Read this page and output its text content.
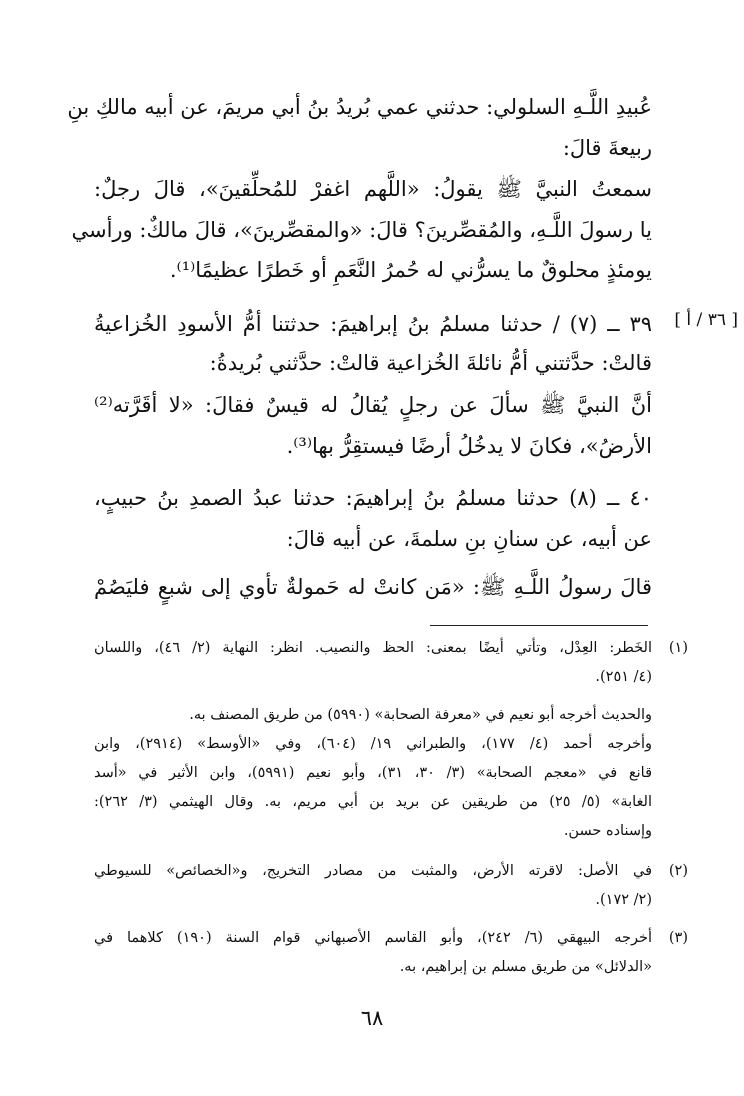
عُبيدِ اللَّـهِ السلولي: حدثني عمي بُريدُ بنُ أبي مريمَ، عن أبيه مالكِ بنِ
ربيعةَ قالَ:
سمعتُ النبيَّ ﷺ يقولُ: «اللَّهم اغفرْ للمُحلِّقينَ»، قالَ رجلٌ:
يا رسولَ اللَّـهِ، والمُقصِّرينَ؟ قالَ: «والمقصِّرينَ»، قالَ مالكٌ: ورأسي
يومئذٍ محلوقٌ ما يسرُّني له حُمرُ النَّعَمِ أو خَطرًا عظيمًا⁽¹⁾.
[ ٣٦ / أ ]
٣٩ ــ (٧) / حدثنا مسلمُ بنُ إبراهيمَ: حدثتنا أمُّ الأسودِ الخُزاعيةُ
قالتْ: حدَّثتني أمُّ نائلةَ الخُزاعية قالتْ: حدَّثني بُريدةُ:
أنَّ النبيَّ ﷺ سألَ عن رجلٍ يُقالُ له قيسٌ فقالَ: «لا أقَرَّته⁽²⁾
الأرضُ»، فكانَ لا يدخُلُ أرضًا فيستقِرُّ بها⁽³⁾.
٤٠ ــ (٨) حدثنا مسلمُ بنُ إبراهيمَ: حدثنا عبدُ الصمدِ بنُ حبيبٍ،
عن أبيه، عن سنانِ بنِ سلمةَ، عن أبيه قالَ:
قالَ رسولُ اللَّـهِ ﷺ: «مَن كانتْ له حَمولةٌ تأوي إلى شبعٍ فليَصُمْ
(١)
الخَطر: العِدْل، وتأتي أيضًا بمعنى: الحظ والنصيب. انظر: النهاية (٢/ ٤٦)، واللسان
(٤/ ٢٥١).
والحديث أخرجه أبو نعيم في «معرفة الصحابة» (٥٩٩٠) من طريق المصنف به.
وأخرجه أحمد (٤/ ١٧٧)، والطبراني ١٩/ (٦٠٤)، وفي «الأوسط» (٢٩١٤)، وابن
قانع في «معجم الصحابة» (٣/ ٣٠، ٣١)، وأبو نعيم (٥٩٩١)، وابن الأثير في «أسد
الغابة» (٥/ ٢٥) من طريقين عن بريد بن أبي مريم، به. وقال الهيثمي (٣/ ٢٦٢):
وإسناده حسن.
(٢)
في الأصل: لاقرته الأرض، والمثبت من مصادر التخريج، و«الخصائص» للسيوطي
(٢/ ١٧٢).
(٣)
أخرجه البيهقي (٦/ ٢٤٢)، وأبو القاسم الأصبهاني قوام السنة (١٩٠) كلاهما في
«الدلائل» من طريق مسلم بن إبراهيم، به.
٦٨
